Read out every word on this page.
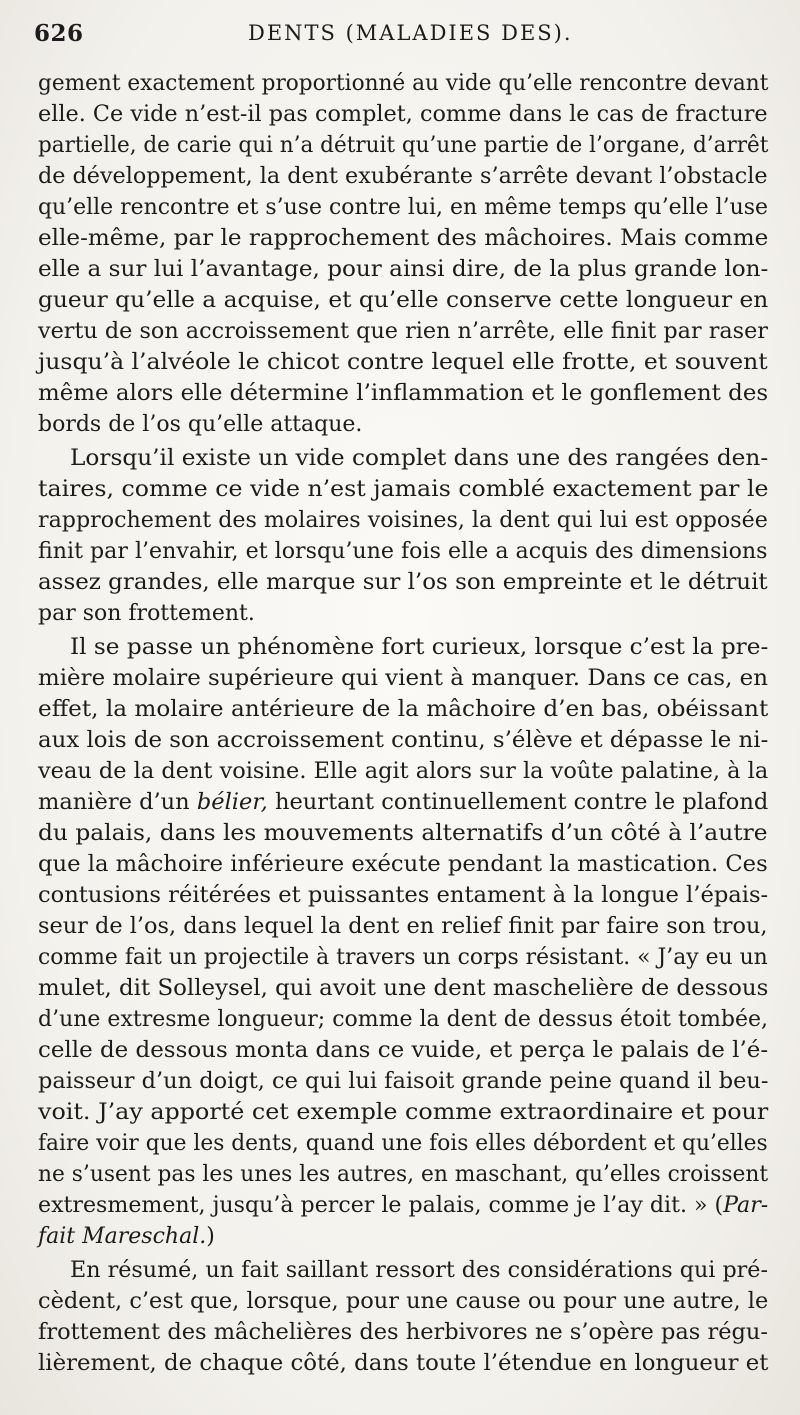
626	DENTS (MALADIES DES).
gement exactement proportionné au vide qu’elle rencontre devant
elle. Ce vide n’est-il pas complet, comme dans le cas de fracture
partielle, de carie qui n’a détruit qu’une partie de l’organe, d’arrêt
de développement, la dent exubérante s’arrête devant l’obstacle
qu’elle rencontre et s’use contre lui, en même temps qu’elle l’use
elle-même, par le rapprochement des mâchoires. Mais comme
elle a sur lui l’avantage, pour ainsi dire, de la plus grande lon-
gueur qu’elle a acquise, et qu’elle conserve cette longueur en
vertu de son accroissement que rien n’arrête, elle finit par raser
jusqu’à l’alvéole le chicot contre lequel elle frotte, et souvent
même alors elle détermine l’inflammation et le gonflement des
bords de l’os qu’elle attaque.
Lorsqu’il existe un vide complet dans une des rangées den-
taires, comme ce vide n’est jamais comblé exactement par le
rapprochement des molaires voisines, la dent qui lui est opposée
finit par l’envahir, et lorsqu’une fois elle a acquis des dimensions
assez grandes, elle marque sur l’os son empreinte et le détruit
par son frottement.
Il se passe un phénomène fort curieux, lorsque c’est la pre-
mière molaire supérieure qui vient à manquer. Dans ce cas, en
effet, la molaire antérieure de la mâchoire d’en bas, obéissant
aux lois de son accroissement continu, s’élève et dépasse le ni-
veau de la dent voisine. Elle agit alors sur la voûte palatine, à la
manière d’un bélier, heurtant continuellement contre le plafond
du palais, dans les mouvements alternatifs d’un côté à l’autre
que la mâchoire inférieure exécute pendant la mastication. Ces
contusions réitérées et puissantes entament à la longue l’épais-
seur de l’os, dans lequel la dent en relief finit par faire son trou,
comme fait un projectile à travers un corps résistant. « J’ay eu un
mulet, dit Solleysel, qui avoit une dent maschelière de dessous
d’une extresme longueur; comme la dent de dessus étoit tombée,
celle de dessous monta dans ce vuide, et perça le palais de l’é-
paisseur d’un doigt, ce qui lui faisoit grande peine quand il beu-
voit. J’ay apporté cet exemple comme extraordinaire et pour
faire voir que les dents, quand une fois elles débordent et qu’elles
ne s’usent pas les unes les autres, en maschant, qu’elles croissent
extresmement, jusqu’à percer le palais, comme je l’ay dit. » (Par-
fait Mareschal.)
En résumé, un fait saillant ressort des considérations qui pré-
cèdent, c’est que, lorsque, pour une cause ou pour une autre, le
frottement des mâchelières des herbivores ne s’opère pas régu-
lièrement, de chaque côté, dans toute l’étendue en longueur et
